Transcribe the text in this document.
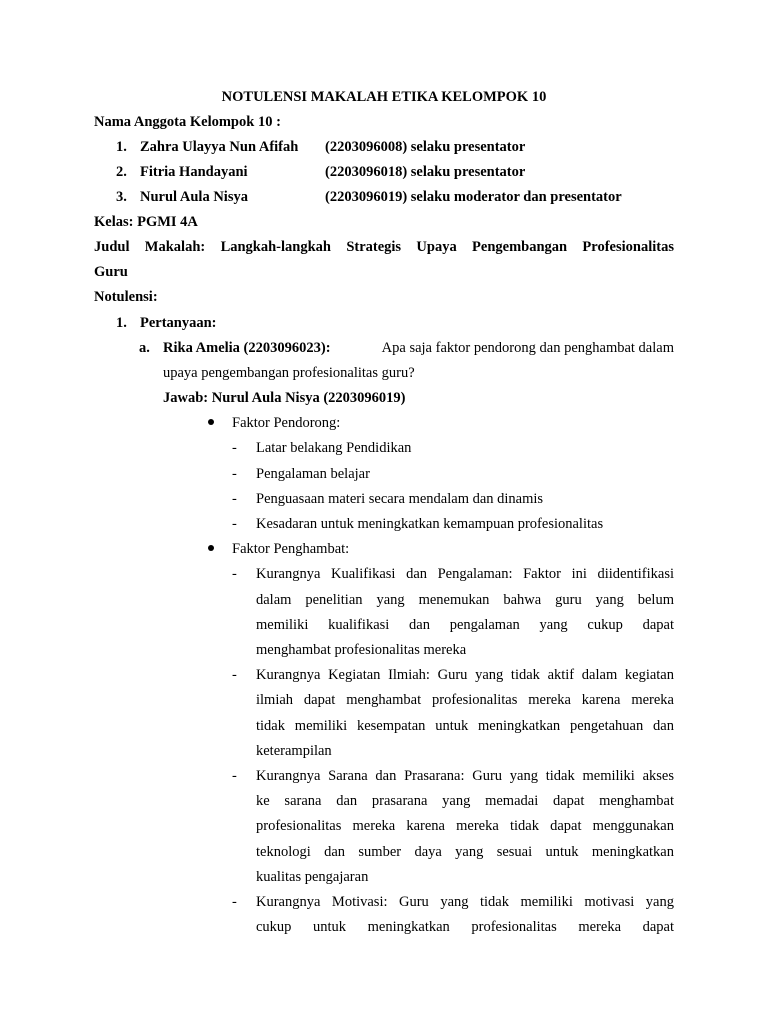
NOTULENSI MAKALAH ETIKA KELOMPOK 10
Nama Anggota Kelompok 10 :
1. Zahra Ulayya Nun Afifah (2203096008) selaku presentator
2. Fitria Handayani	(2203096018) selaku presentator
3. Nurul Aula Nisya	(2203096019) selaku moderator dan presentator
Kelas: PGMI 4A
Judul Makalah: Langkah-langkah Strategis Upaya Pengembangan Profesionalitas
Guru
Notulensi:
1. Pertanyaan:
a. Rika Amelia (2203096023):	Apa saja faktor pendorong dan penghambat dalam
upaya pengembangan profesionalitas guru?
Jawab: Nurul Aula Nisya (2203096019)
Faktor Pendorong:
- Latar belakang Pendidikan
- Pengalaman belajar
- Penguasaan materi secara mendalam dan dinamis
- Kesadaran untuk meningkatkan kemampuan profesionalitas
Faktor Penghambat:
- Kurangnya Kualifikasi dan Pengalaman: Faktor ini diidentifikasi
dalam penelitian yang menemukan bahwa guru yang belum
memiliki kualifikasi dan pengalaman yang cukup dapat
menghambat profesionalitas mereka
- Kurangnya Kegiatan Ilmiah: Guru yang tidak aktif dalam kegiatan
ilmiah dapat menghambat profesionalitas mereka karena mereka
tidak memiliki kesempatan untuk meningkatkan pengetahuan dan
keterampilan
- Kurangnya Sarana dan Prasarana: Guru yang tidak memiliki akses
ke sarana dan prasarana yang memadai dapat menghambat
profesionalitas mereka karena mereka tidak dapat menggunakan
teknologi dan sumber daya yang sesuai untuk meningkatkan
kualitas pengajaran
- Kurangnya Motivasi: Guru yang tidak memiliki motivasi yang
cukup untuk meningkatkan profesionalitas mereka dapat
